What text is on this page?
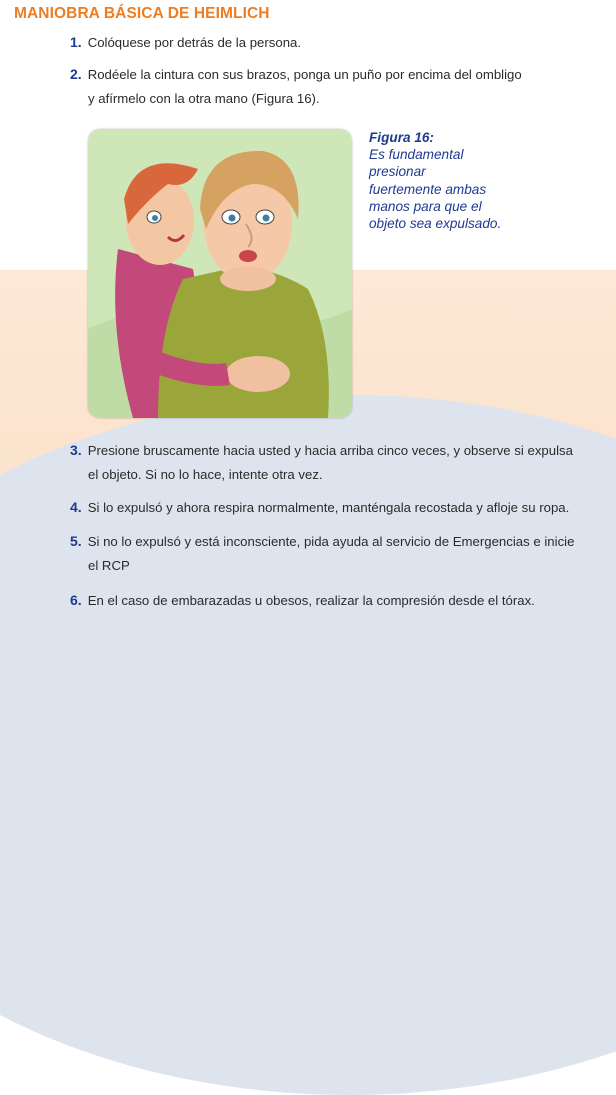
MANIOBRA BÁSICA DE HEIMLICH
1. Colóquese por detrás de la persona.
2. Rodéele la cintura con sus brazos, ponga un puño por encima del ombligo
y afírmelo con la otra mano (Figura 16).
Figura 16:
Es fundamental
presionar
fuertemente ambas
manos para que el
objeto sea expulsado.
3. Presione bruscamente hacia usted y hacia arriba cinco veces, y observe si expulsa
el objeto. Si no lo hace, intente otra vez.
4. Si lo expulsó y ahora respira normalmente, manténgala recostada y afloje su ropa.
5. Si no lo expulsó y está inconsciente, pida ayuda al servicio de Emergencias e inicie
el RCP
6. En el caso de embarazadas u obesos, realizar la compresión desde el tórax.
